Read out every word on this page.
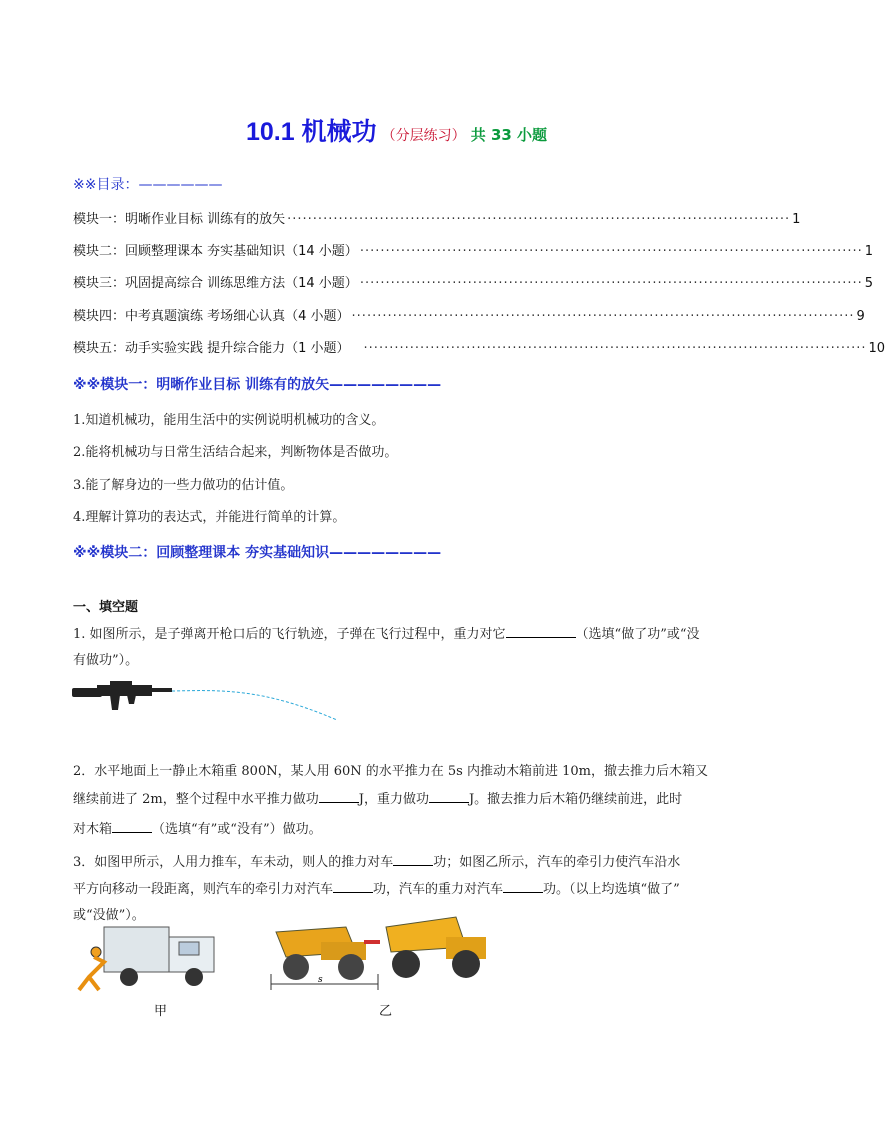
10.1 机械功 （分层练习） 共 33 小题
※※目录：——————
模块一：明晰作业目标 训练有的放矢 ·································································································· 1
模块二：回顾整理课本 夯实基础知识（14 小题） ·································································································· 1
模块三：巩固提高综合 训练思维方法（14 小题） ·································································································· 5
模块四：中考真题演练 考场细心认真（4 小题） ·································································································· 9
模块五：动手实验实践 提升综合能力（1 小题） ·································································································· 10
※※模块一：明晰作业目标 训练有的放矢————————
1.知道机械功，能用生活中的实例说明机械功的含义。
2.能将机械功与日常生活结合起来，判断物体是否做功。
3.能了解身边的一些力做功的估计值。
4.理解计算功的表达式，并能进行简单的计算。
※※模块二：回顾整理课本 夯实基础知识————————
一、填空题
1. 如图所示，是子弹离开枪口后的飞行轨迹，子弹在飞行过程中，重力对它	（选填“做了功”或“没
有做功”）。
2．水平地面上一静止木箱重 800N，某人用 60N 的水平推力在 5s 内推动木箱前进 10m，撤去推力后木箱又
继续前进了 2m，整个过程中水平推力做功	J，重力做功	J。撤去推力后木箱仍继续前进，此时
对木箱	（选填“有”或“没有”）做功。
3．如图甲所示，人用力推车，车未动，则人的推力对车	功；如图乙所示，汽车的牵引力使汽车沿水
平方向移动一段距离，则汽车的牵引力对汽车	功，汽车的重力对汽车	功。（以上均选填“做了”
或“没做”）。
s
甲	乙
